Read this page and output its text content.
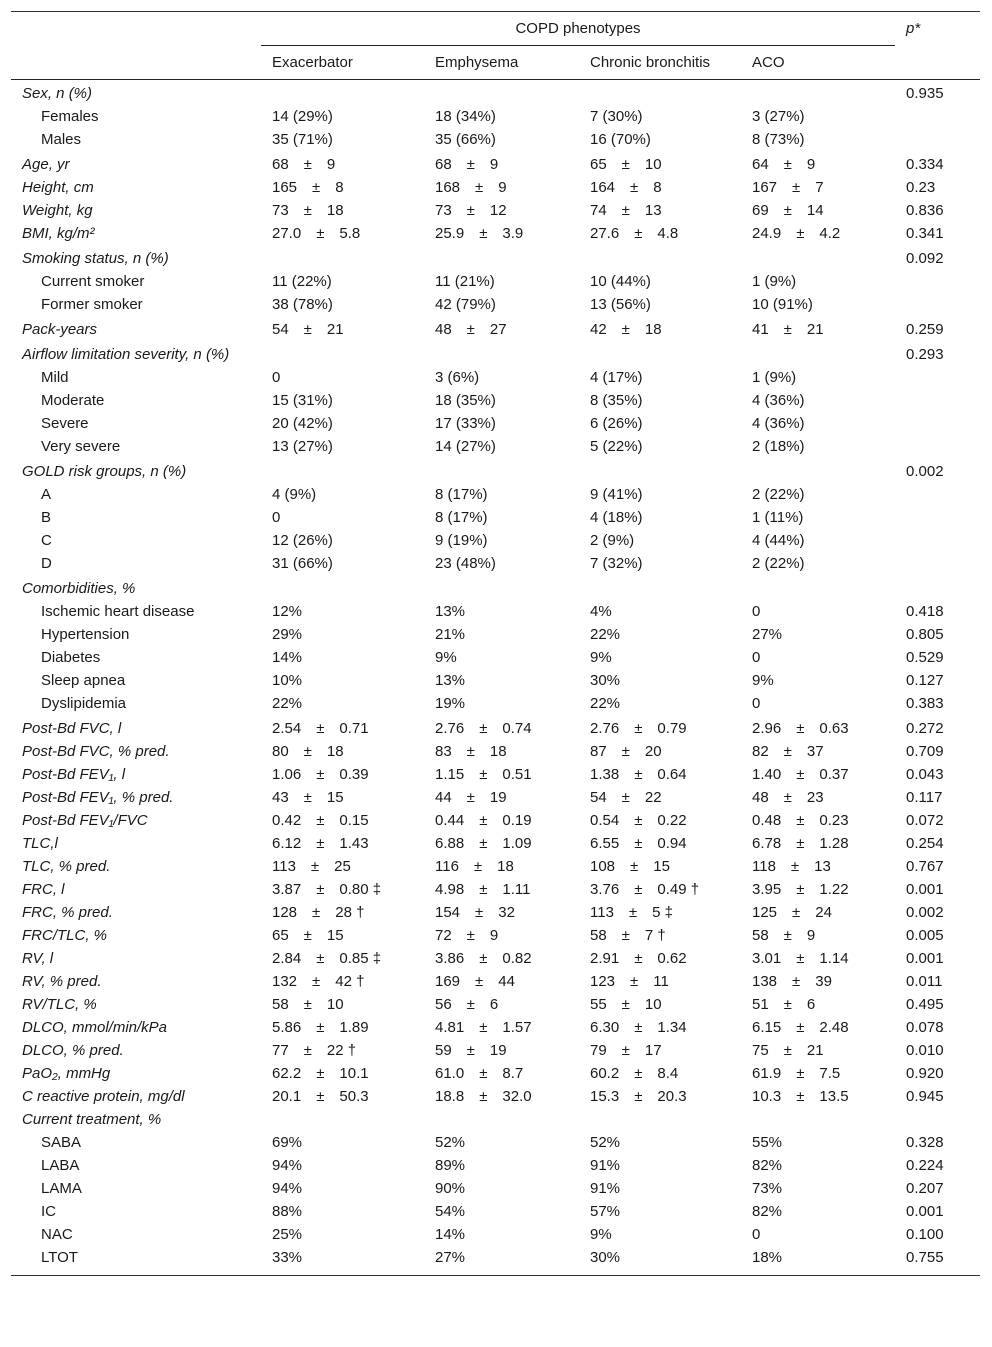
	COPD phenotypes				p*
	Exacerbator	Emphysema	Chronic bronchitis	ACO	
Sex, n (%)					0.935
Females	14 (29%)	18 (34%)	7 (30%)	3 (27%)	
Males	35 (71%)	35 (66%)	16 (70%)	8 (73%)	
Age, yr	68 ± 9	68 ± 9	65 ± 10	64 ± 9	0.334
Height, cm	165 ± 8	168 ± 9	164 ± 8	167 ± 7	0.23
Weight, kg	73 ± 18	73 ± 12	74 ± 13	69 ± 14	0.836
BMI, kg/m²	27.0 ± 5.8	25.9 ± 3.9	27.6 ± 4.8	24.9 ± 4.2	0.341
Smoking status, n (%)					0.092
Current smoker	11 (22%)	11 (21%)	10 (44%)	1 (9%)	
Former smoker	38 (78%)	42 (79%)	13 (56%)	10 (91%)	
Pack-years	54 ± 21	48 ± 27	42 ± 18	41 ± 21	0.259
Airflow limitation severity, n (%)					0.293
Mild	0	3 (6%)	4 (17%)	1 (9%)	
Moderate	15 (31%)	18 (35%)	8 (35%)	4 (36%)	
Severe	20 (42%)	17 (33%)	6 (26%)	4 (36%)	
Very severe	13 (27%)	14 (27%)	5 (22%)	2 (18%)	
GOLD risk groups, n (%)					0.002
A	4 (9%)	8 (17%)	9 (41%)	2 (22%)	
B	0	8 (17%)	4 (18%)	1 (11%)	
C	12 (26%)	9 (19%)	2 (9%)	4 (44%)	
D	31 (66%)	23 (48%)	7 (32%)	2 (22%)	
Comorbidities, %					
Ischemic heart disease	12%	13%	4%	0	0.418
Hypertension	29%	21%	22%	27%	0.805
Diabetes	14%	9%	9%	0	0.529
Sleep apnea	10%	13%	30%	9%	0.127
Dyslipidemia	22%	19%	22%	0	0.383
Post-Bd FVC, l	2.54 ± 0.71	2.76 ± 0.74	2.76 ± 0.79	2.96 ± 0.63	0.272
Post-Bd FVC, % pred.	80 ± 18	83 ± 18	87 ± 20	82 ± 37	0.709
Post-Bd FEV₁, l	1.06 ± 0.39	1.15 ± 0.51	1.38 ± 0.64	1.40 ± 0.37	0.043
Post-Bd FEV₁, % pred.	43 ± 15	44 ± 19	54 ± 22	48 ± 23	0.117
Post-Bd FEV₁/FVC	0.42 ± 0.15	0.44 ± 0.19	0.54 ± 0.22	0.48 ± 0.23	0.072
TLC,l	6.12 ± 1.43	6.88 ± 1.09	6.55 ± 0.94	6.78 ± 1.28	0.254
TLC, % pred.	113 ± 25	116 ± 18	108 ± 15	118 ± 13	0.767
FRC, l	3.87 ± 0.80 ‡	4.98 ± 1.11	3.76 ± 0.49 †	3.95 ± 1.22	0.001
FRC, % pred.	128 ± 28 †	154 ± 32	113 ± 5 ‡	125 ± 24	0.002
FRC/TLC, %	65 ± 15	72 ± 9	58 ± 7 †	58 ± 9	0.005
RV, l	2.84 ± 0.85 ‡	3.86 ± 0.82	2.91 ± 0.62	3.01 ± 1.14	0.001
RV, % pred.	132 ± 42 †	169 ± 44	123 ± 11	138 ± 39	0.011
RV/TLC, %	58 ± 10	56 ± 6	55 ± 10	51 ± 6	0.495
DLCO, mmol/min/kPa	5.86 ± 1.89	4.81 ± 1.57	6.30 ± 1.34	6.15 ± 2.48	0.078
DLCO, % pred.	77 ± 22 †	59 ± 19	79 ± 17	75 ± 21	0.010
PaO₂, mmHg	62.2 ± 10.1	61.0 ± 8.7	60.2 ± 8.4	61.9 ± 7.5	0.920
C reactive protein, mg/dl	20.1 ± 50.3	18.8 ± 32.0	15.3 ± 20.3	10.3 ± 13.5	0.945
Current treatment, %					
SABA	69%	52%	52%	55%	0.328
LABA	94%	89%	91%	82%	0.224
LAMA	94%	90%	91%	73%	0.207
IC	88%	54%	57%	82%	0.001
NAC	25%	14%	9%	0	0.100
LTOT	33%	27%	30%	18%	0.755
